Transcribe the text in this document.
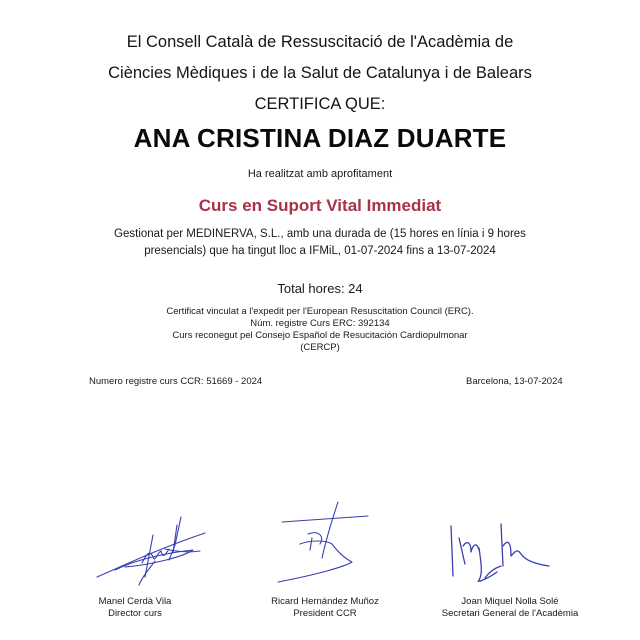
El Consell Català de Ressuscitació de l'Acadèmia de
Ciències Mèdiques i de la Salut de Catalunya i de Balears
CERTIFICA QUE:
ANA CRISTINA DIAZ DUARTE
Ha realitzat amb aprofitament
Curs en Suport Vital Immediat
Gestionat per MEDINERVA, S.L., amb una durada de (15 hores en línia i 9 hores
presencials) que ha tingut lloc a IFMiL, 01-07-2024 fins a 13-07-2024
Total hores: 24
Certificat vinculat a l'expedit per l'European Resuscitation Council (ERC).
Núm. registre Curs ERC: 392134
Curs reconegut pel Consejo Español de Resucitación Cardiopulmonar
(CERCP)
Numero registre curs CCR: 51669 - 2024	Barcelona, 13-07-2024
Manel Cerdà Vila
Director curs
Ricard Hernández Muñoz
President CCR
Joan Miquel Nolla Solé
Secretari General de l'Acadèmia
